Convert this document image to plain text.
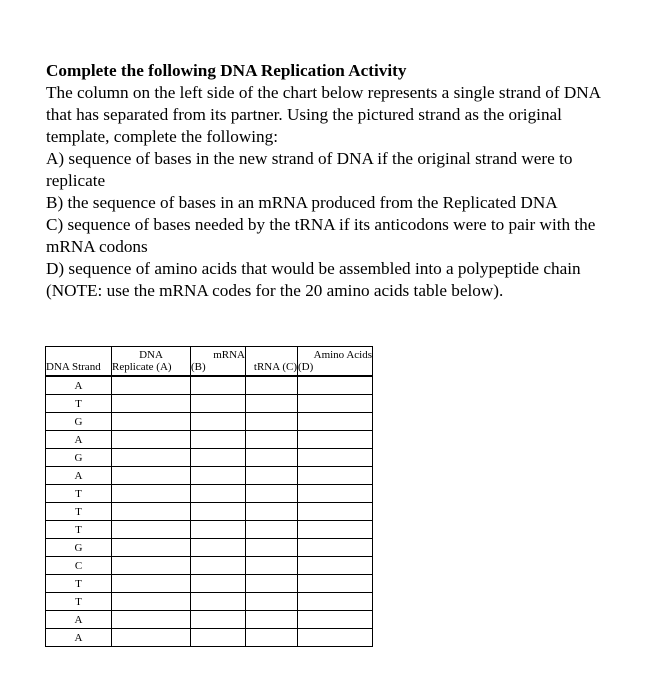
Complete the following DNA Replication Activity

The column on the left side of the chart below represents a single strand of DNA that has separated from its partner. Using the pictured strand as the original template, complete the following:

A) sequence of bases in the new strand of DNA if the original strand were to replicate

B) the sequence of bases in an mRNA produced from the Replicated DNA

C) sequence of bases needed by the tRNA if its anticodons were to pair with the mRNA codons

D) sequence of amino acids that would be assembled into a polypeptide chain (NOTE: use the mRNA codes for the 20 amino acids table below).

	DNA	mRNA		Amino Acids
DNA Strand	Replicate (A)	(B)	tRNA (C)	(D)
A				
T				
G				
A				
G				
A				
T				
T				
T				
G				
C				
T				
T				
A				
A				
